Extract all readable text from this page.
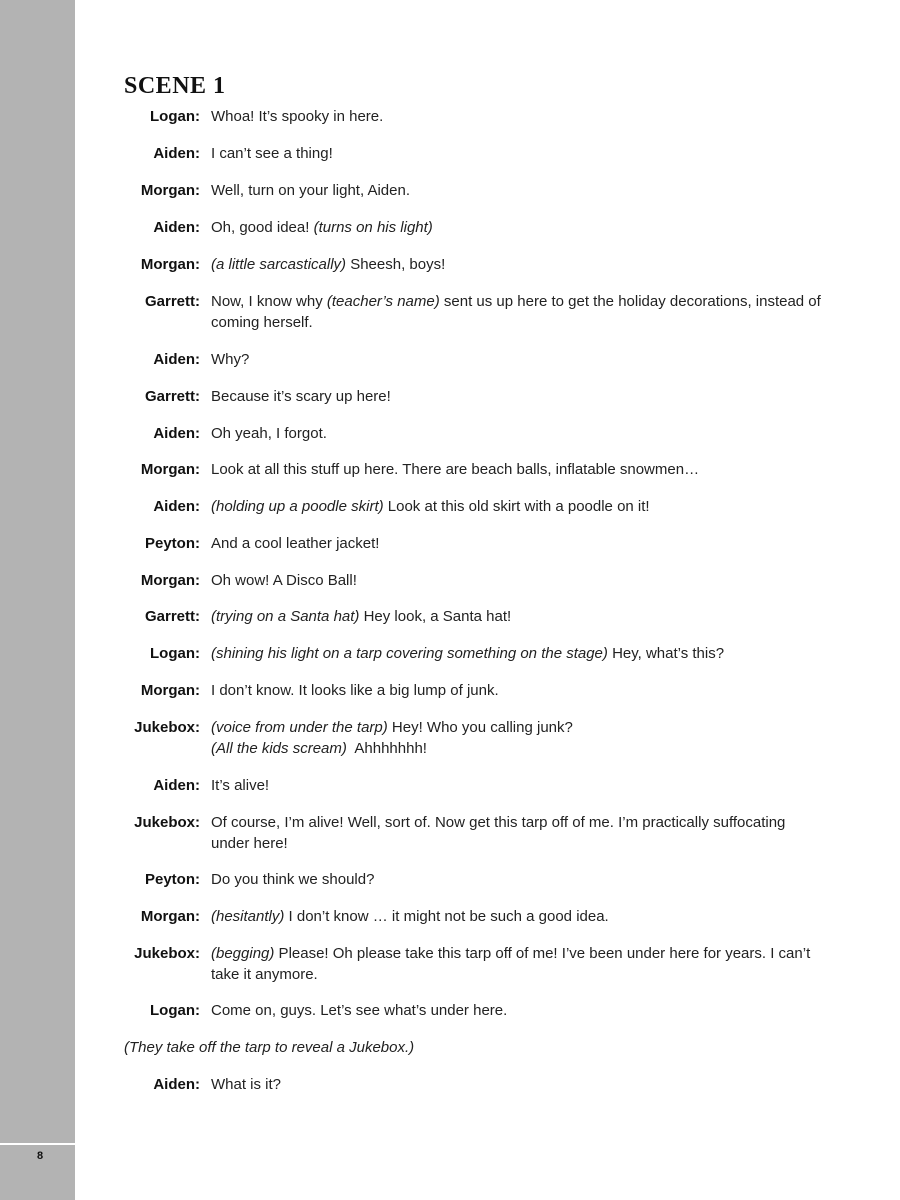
8
SCENE 1
Logan: Whoa! It’s spooky in here.
Aiden: I can’t see a thing!
Morgan: Well, turn on your light, Aiden.
Aiden: Oh, good idea! (turns on his light)
Morgan: (a little sarcastically) Sheesh, boys!
Garrett: Now, I know why (teacher’s name) sent us up here to get the holiday decorations, instead of coming herself.
Aiden: Why?
Garrett: Because it’s scary up here!
Aiden: Oh yeah, I forgot.
Morgan: Look at all this stuff up here. There are beach balls, inflatable snowmen…
Aiden: (holding up a poodle skirt) Look at this old skirt with a poodle on it!
Peyton: And a cool leather jacket!
Morgan: Oh wow! A Disco Ball!
Garrett: (trying on a Santa hat) Hey look, a Santa hat!
Logan: (shining his light on a tarp covering something on the stage) Hey, what’s this?
Morgan: I don’t know. It looks like a big lump of junk.
Jukebox: (voice from under the tarp) Hey! Who you calling junk?
(All the kids scream)  Ahhhhhhh!
Aiden: It’s alive!
Jukebox: Of course, I’m alive! Well, sort of. Now get this tarp off of me. I’m practically suffocating under here!
Peyton: Do you think we should?
Morgan: (hesitantly) I don’t know … it might not be such a good idea.
Jukebox: (begging) Please! Oh please take this tarp off of me! I’ve been under here for years. I can’t take it anymore.
Logan: Come on, guys. Let’s see what’s under here.
(They take off the tarp to reveal a Jukebox.)
Aiden: What is it?
